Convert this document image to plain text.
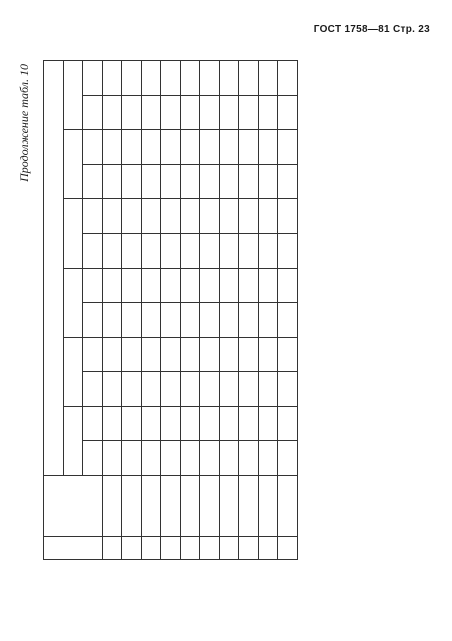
ГОСТ 1758—81 Стр. 23
Продолжение табл. 10
